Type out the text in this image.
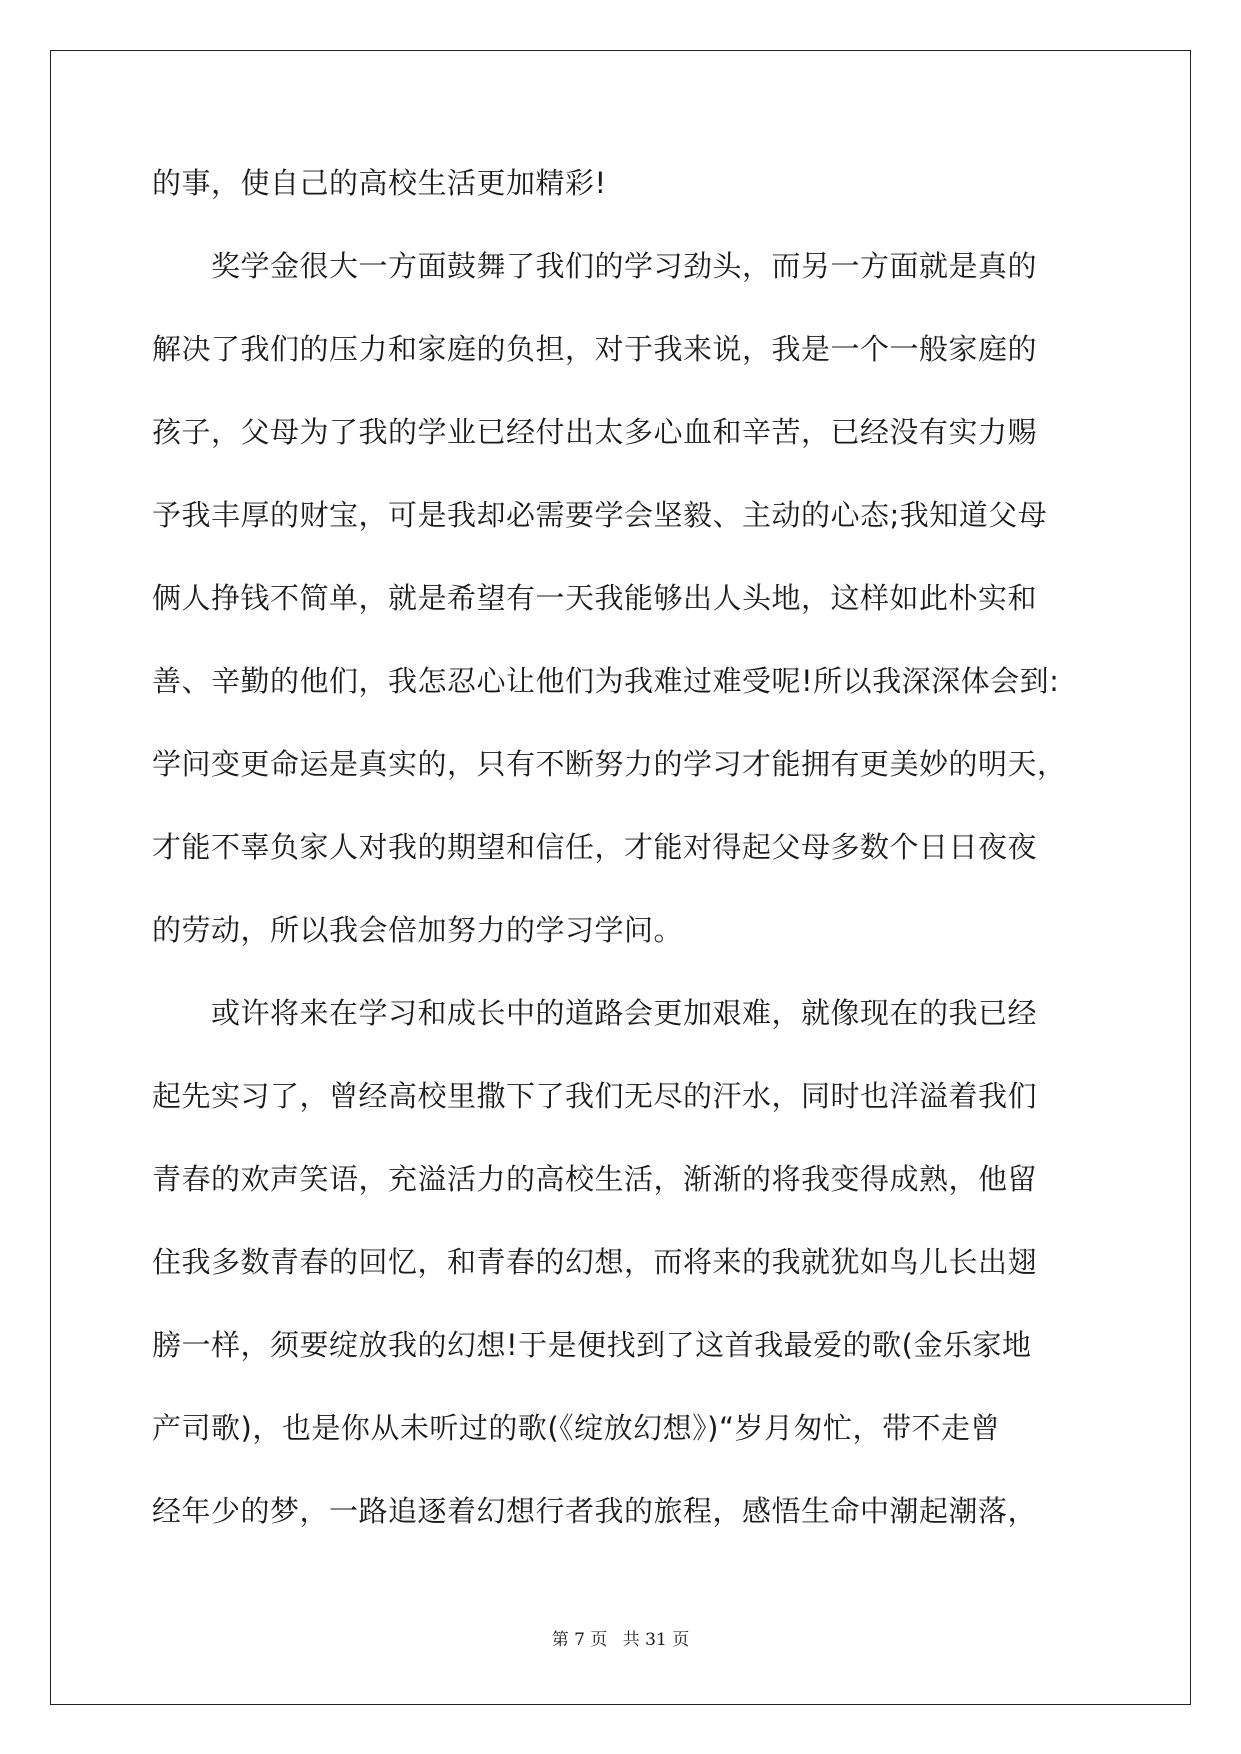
的事，使自己的高校生活更加精彩!
　　奖学金很大一方面鼓舞了我们的学习劲头，而另一方面就是真的
解决了我们的压力和家庭的负担，对于我来说，我是一个一般家庭的
孩子，父母为了我的学业已经付出太多心血和辛苦，已经没有实力赐
予我丰厚的财宝，可是我却必需要学会坚毅、主动的心态;我知道父母
俩人挣钱不简单，就是希望有一天我能够出人头地，这样如此朴实和
善、辛勤的他们，我怎忍心让他们为我难过难受呢!所以我深深体会到:
学问变更命运是真实的，只有不断努力的学习才能拥有更美妙的明天，
才能不辜负家人对我的期望和信任，才能对得起父母多数个日日夜夜
的劳动，所以我会倍加努力的学习学问。
　　或许将来在学习和成长中的道路会更加艰难，就像现在的我已经
起先实习了，曾经高校里撒下了我们无尽的汗水，同时也洋溢着我们
青春的欢声笑语，充溢活力的高校生活，渐渐的将我变得成熟，他留
住我多数青春的回忆，和青春的幻想，而将来的我就犹如鸟儿长出翅
膀一样，须要绽放我的幻想!于是便找到了这首我最爱的歌(金乐家地
产司歌)，也是你从未听过的歌(《绽放幻想》)“岁月匆忙，带不走曾
经年少的梦，一路追逐着幻想行者我的旅程，感悟生命中潮起潮落，
第 7 页 共 31 页
